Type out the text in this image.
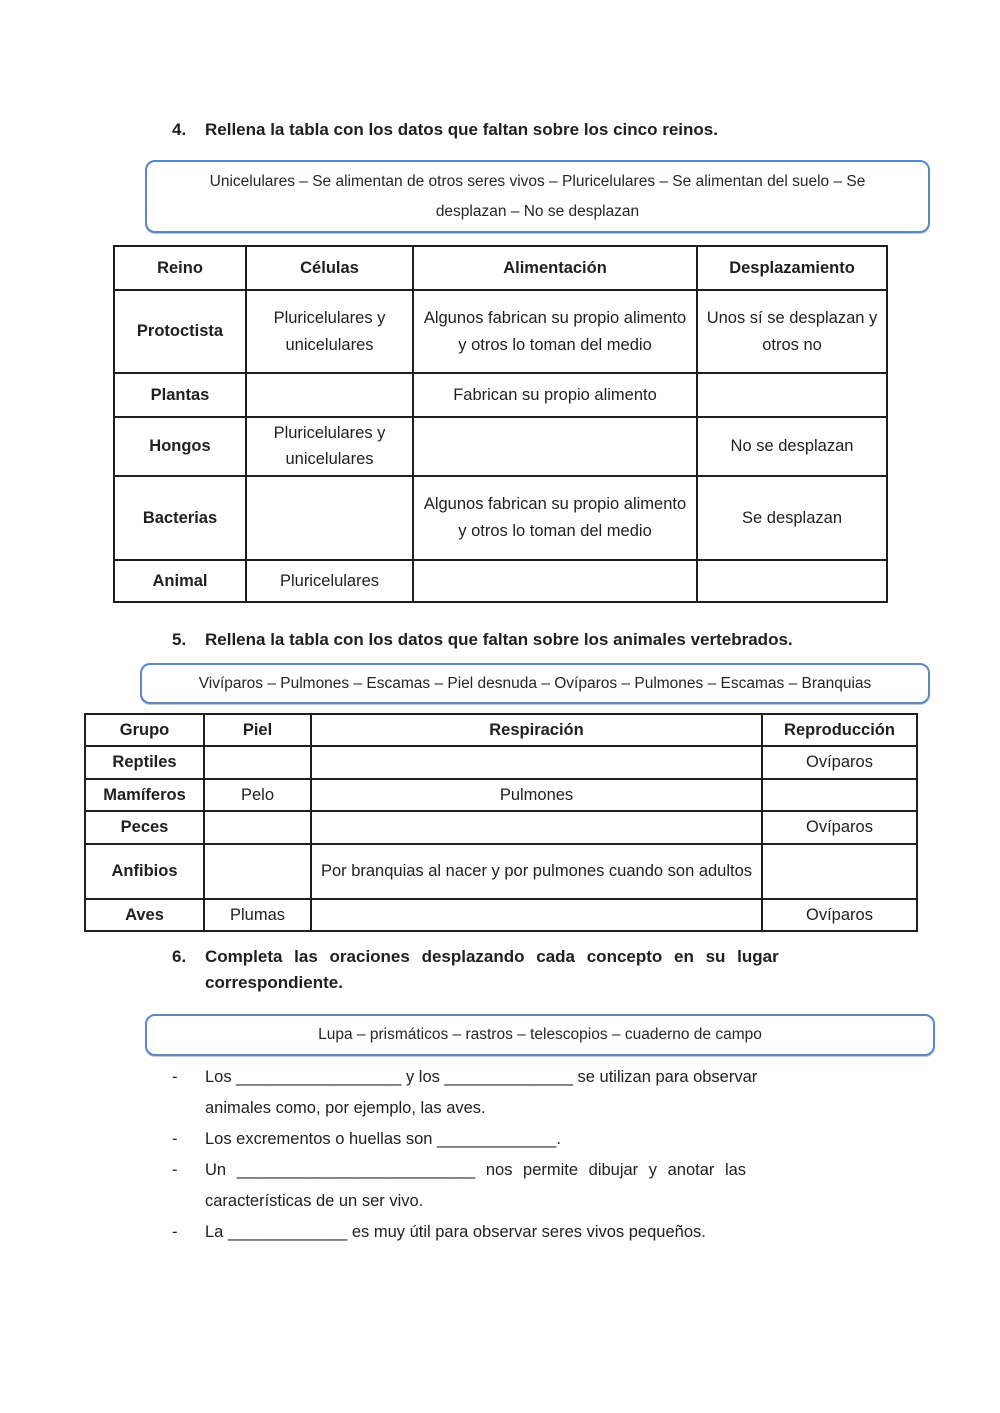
4.	Rellena la tabla con los datos que faltan sobre los cinco reinos.
Unicelulares – Se alimentan de otros seres vivos – Pluricelulares – Se alimentan del suelo – Se desplazan – No se desplazan
Reino	Células	Alimentación	Desplazamiento
Protoctista	Pluricelulares y unicelulares	Algunos fabrican su propio alimento y otros lo toman del medio	Unos sí se desplazan y otros no
Plantas		Fabrican su propio alimento	
Hongos	Pluricelulares y unicelulares		No se desplazan
Bacterias		Algunos fabrican su propio alimento y otros lo toman del medio	Se desplazan
Animal	Pluricelulares		
5.	Rellena la tabla con los datos que faltan sobre los animales vertebrados.
Vivíparos – Pulmones – Escamas – Piel desnuda – Ovíparos – Pulmones – Escamas – Branquias
Grupo	Piel	Respiración	Reproducción
Reptiles			Ovíparos
Mamíferos	Pelo	Pulmones	
Peces			Ovíparos
Anfibios		Por branquias al nacer y por pulmones cuando son adultos	
Aves	Plumas		Ovíparos
6.	Completa las oraciones desplazando cada concepto en su lugar
correspondiente.
Lupa – prismáticos – rastros – telescopios – cuaderno de campo
-	Los __________________ y los ______________ se utilizan para observar
animales como, por ejemplo, las aves.
-	Los excrementos o huellas son _____________.
-	Un __________________________ nos permite dibujar y anotar las
características de un ser vivo.
-	La _____________ es muy útil para observar seres vivos pequeños.
